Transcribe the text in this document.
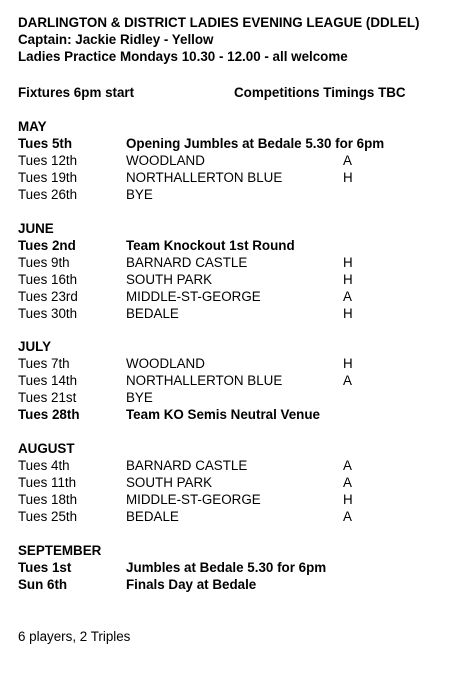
DARLINGTON & DISTRICT LADIES EVENING LEAGUE (DDLEL)
Captain: Jackie Ridley - Yellow
Ladies Practice Mondays 10.30 - 12.00 - all welcome
Fixtures 6pm start	Competitions Timings TBC
MAY
Tues 5th	Opening Jumbles at Bedale 5.30 for 6pm
Tues 12th	WOODLAND	A
Tues 19th	NORTHALLERTON BLUE	H
Tues 26th	BYE
JUNE
Tues 2nd	Team Knockout 1st Round
Tues 9th	BARNARD CASTLE	H
Tues 16th	SOUTH PARK	H
Tues 23rd	MIDDLE-ST-GEORGE	A
Tues 30th	BEDALE	H
JULY
Tues 7th	WOODLAND	H
Tues 14th	NORTHALLERTON BLUE	A
Tues 21st	BYE
Tues 28th	Team KO Semis Neutral Venue
AUGUST
Tues 4th	BARNARD CASTLE	A
Tues 11th	SOUTH PARK	A
Tues 18th	MIDDLE-ST-GEORGE	H
Tues 25th	BEDALE	A
SEPTEMBER
Tues 1st	Jumbles at Bedale 5.30 for 6pm
Sun 6th	Finals Day at Bedale
6 players, 2 Triples
